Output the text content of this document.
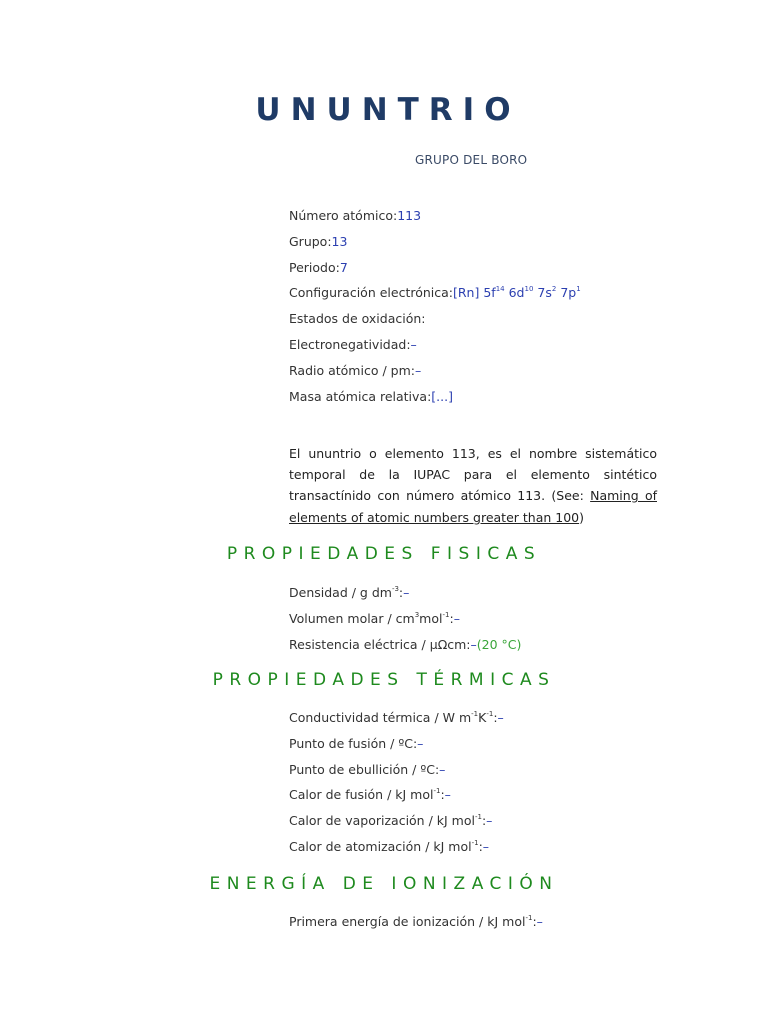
UNUNTRIO
GRUPO DEL BORO
Número atómico:113
Grupo:13
Periodo:7
Configuración electrónica:[Rn] $5f^{14}$ $6d^{10}$ $7s^2$ $7p^1$
Estados de oxidación:
Electronegatividad:–
Radio atómico / pm:–
Masa atómica relativa:[...]
El ununtrio o elemento 113, es el nombre sistemático temporal de la IUPAC para el elemento sintético transactínido con número atómico 113. (See: Naming of elements of atomic numbers greater than 100)
PROPIEDADES FISICAS
Densidad / g $dm^{-3}:-$
Volumen molar / $cm^3mol^{-1}:-$
Resistencia eléctrica / µΩcm:–(20 °C)
PROPIEDADES TÉRMICAS
Conductividad térmica / W $m^{-1}K^{-1}:-$
Punto de fusión / ºC:–
Punto de ebullición / ºC:–
Calor de fusión / kJ mol$^{-1}$:–
Calor de vaporización / kJ mol$^{-1}$:–
Calor de atomización / kJ mol$^{-1}$:–
ENERGÍA DE IONIZACIÓN
Primera energía de ionización / kJ mol$^{-1}$:–
